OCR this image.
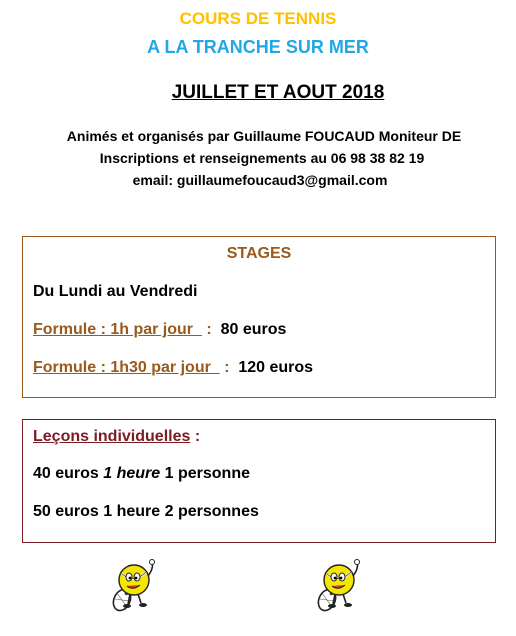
COURS DE TENNIS
A LA TRANCHE SUR MER
JUILLET ET AOUT 2018
Animés et organisés par Guillaume FOUCAUD Moniteur DE
Inscriptions et renseignements au 06 98 38 82 19
email: guillaumefoucaud3@gmail.com
STAGES
Du Lundi au Vendredi
Formule : 1h par jour   :  80 euros
Formule : 1h30 par jour   :  120 euros
Leçons individuelles :
40 euros 1 heure 1 personne
50 euros 1 heure 2 personnes
